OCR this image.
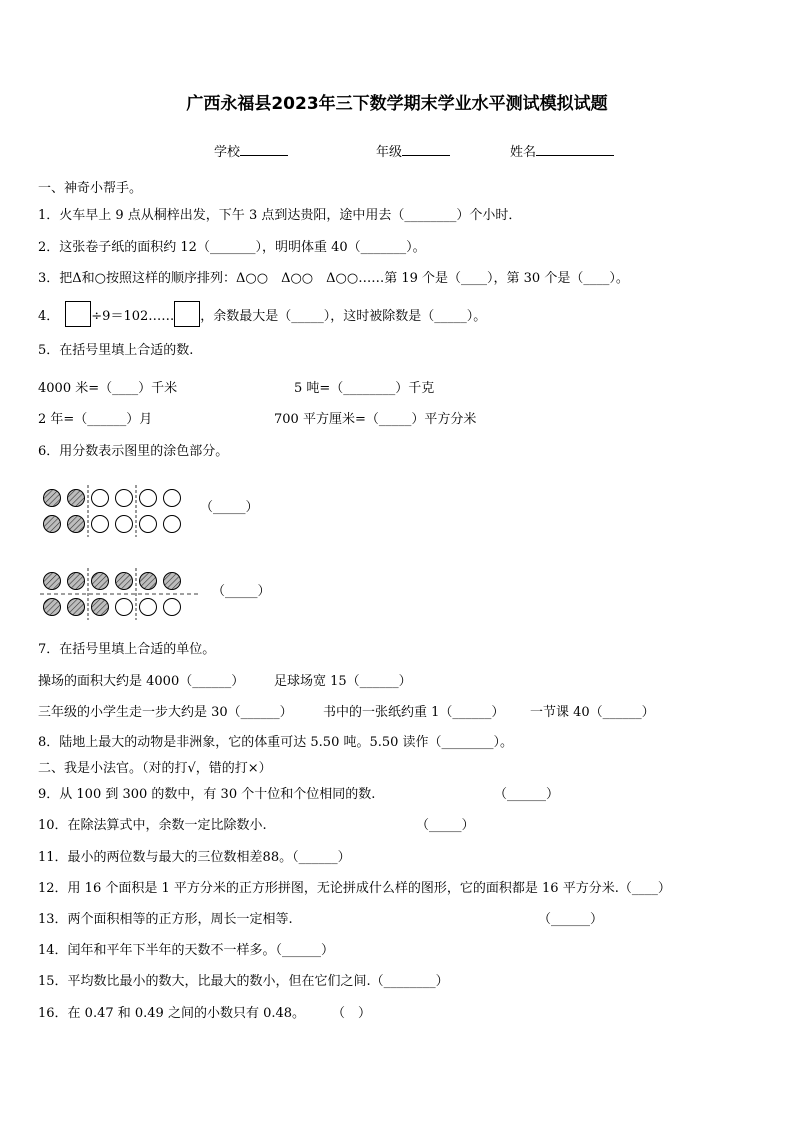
广西永福县2023年三下数学期末学业水平测试模拟试题
学校	年级	姓名
一、神奇小帮手。
1．火车早上 9 点从桐梓出发，下午 3 点到达贵阳，途中用去（________）个小时．
2．这张卷子纸的面积约 12（_______），明明体重 40（_______）。
3．把Δ和○按照这样的顺序排列：Δ○○　Δ○○　Δ○○……第 19 个是（____），第 30 个是（____）。
4． ÷9＝102…… ，余数最大是（_____），这时被除数是（_____）。
5．在括号里填上合适的数.
4000 米=（____）千米	5 吨=（________）千克
2 年=（______）月	700 平方厘米=（_____）平方分米
6．用分数表示图里的涂色部分。
（_____）
（_____）
7．在括号里填上合适的单位。
操场的面积大约是 4000（______） 足球场宽 15（______）
三年级的小学生走一步大约是 30（______） 书中的一张纸约重 1（______） 一节课 40（______）
8．陆地上最大的动物是非洲象，它的体重可达 5.50 吨。5.50 读作（________）。
二、我是小法官。（对的打√，错的打×）
9．从 100 到 300 的数中，有 30 个十位和个位相同的数.	（______）
10．在除法算式中，余数一定比除数小.	（_____）
11．最小的两位数与最大的三位数相差88。（______）
12．用 16 个面积是 1 平方分米的正方形拼图，无论拼成什么样的图形，它的面积都是 16 平方分米.（____）
13．两个面积相等的正方形，周长一定相等.	（______）
14．闰年和平年下半年的天数不一样多。（______）
15．平均数比最小的数大，比最大的数小，但在它们之间.（________）
16．在 0.47 和 0.49 之间的小数只有 0.48。 （　）
